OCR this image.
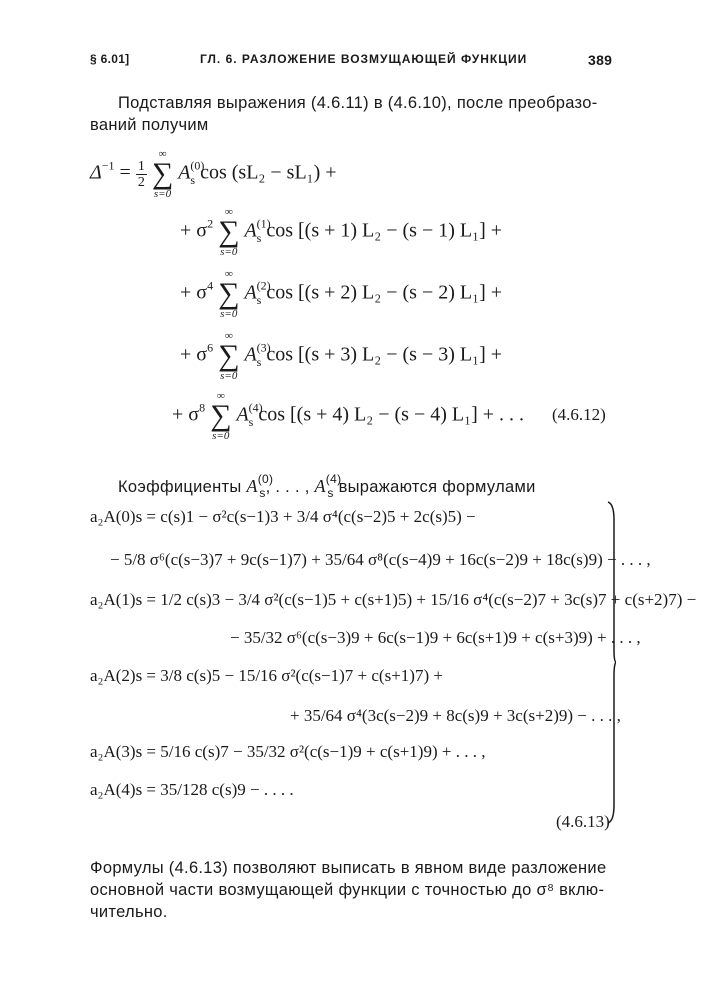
§ 6.01]	ГЛ. 6. РАЗЛОЖЕНИЕ ВОЗМУЩАЮЩЕЙ ФУНКЦИИ	389
Подставляя выражения (4.6.11) в (4.6.10), после преобразо-
ваний получим
$\Delta^{-1} = \frac{1}{2}$

∞
∑
s=0
$A^{(0)}_s$ cos (sL₂ − sL₁) +
+ $\sigma^2$
∞
∑
s=0
$A^{(1)}_s$ cos [(s + 1) L₂ − (s − 1) L₁] +
+ $\sigma^4$
∞
∑
s=0
$A^{(2)}_s$ cos [(s + 2) L₂ − (s − 2) L₁] +
+ $\sigma^6$
∞
∑
s=0
$A^{(3)}_s$ cos [(s + 3) L₂ − (s − 3) L₁] +
+ $\sigma^8$
∞
∑
s=0
$A^{(4)}_s$ cos [(s + 4) L₂ − (s − 4) L₁] + . . . (4.6.12)
Коэффициенты $A^{(0)}_s$, . . . , $A^{(4)}_s$ выражаются формулами
a₂A(0)s = c(s)1 − σ²c(s−1)3 + 3/4 σ⁴(c(s−2)5 + 2c(s)5) −
− 5/8 σ⁶(c(s−3)7 + 9c(s−1)7) + 35/64 σ⁸(c(s−4)9 + 16c(s−2)9 + 18c(s)9) − . . . ,
a₂A(1)s = 1/2 c(s)3 − 3/4 σ²(c(s−1)5 + c(s+1)5) + 15/16 σ⁴(c(s−2)7 + 3c(s)7 + c(s+2)7) −
− 35/32 σ⁶(c(s−3)9 + 6c(s−1)9 + 6c(s+1)9 + c(s+3)9) + . . . ,
a₂A(2)s = 3/8 c(s)5 − 15/16 σ²(c(s−1)7 + c(s+1)7) +
+ 35/64 σ⁴(3c(s−2)9 + 8c(s)9 + 3c(s+2)9) − . . . ,
a₂A(3)s = 5/16 c(s)7 − 35/32 σ²(c(s−1)9 + c(s+1)9) + . . . ,
a₂A(4)s = 35/128 c(s)9 − . . . .
(4.6.13)
Формулы (4.6.13) позволяют выписать в явном виде разложение
основной части возмущающей функции с точностью до σ⁸ вклю-
чительно.
